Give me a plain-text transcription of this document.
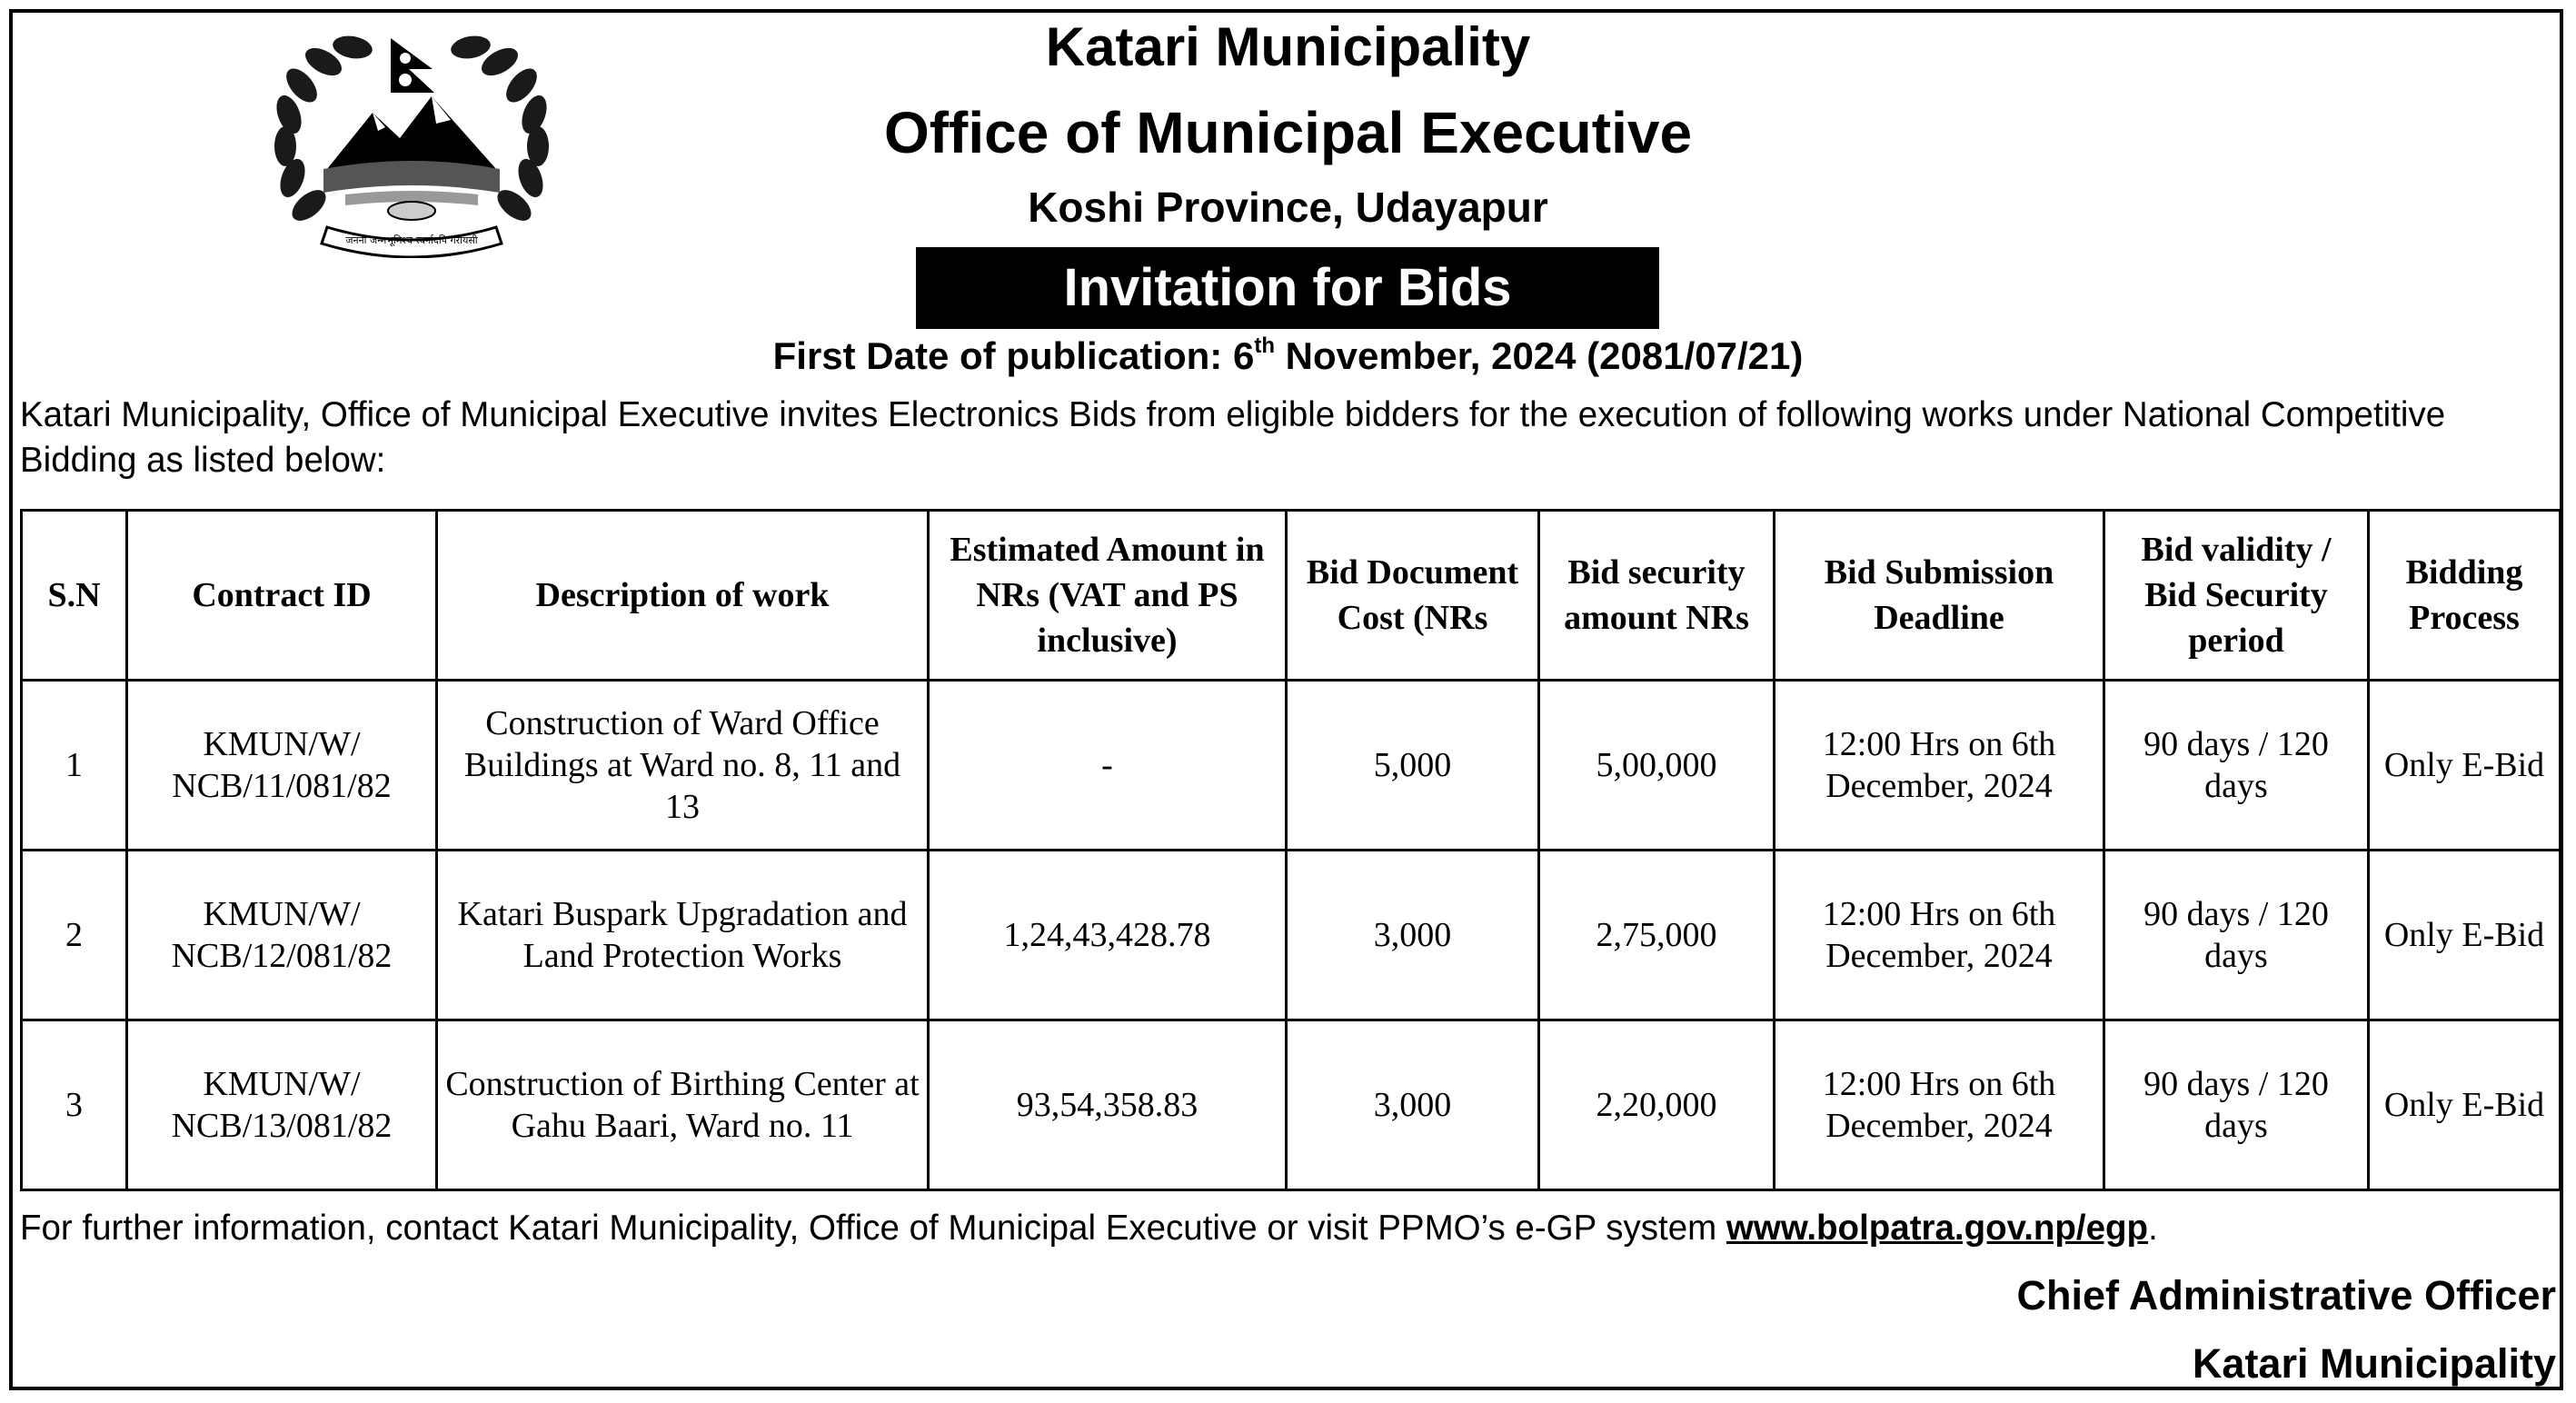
जननी जन्मभूमिश्च स्वर्गादपि गरीयसी
Katari Municipality
Office of Municipal Executive
Koshi Province, Udayapur
Invitation for Bids
First Date of publication: 6th November, 2024 (2081/07/21)
Katari Municipality, Office of Municipal Executive invites Electronics Bids from eligible bidders for the execution of following works under National Competitive Bidding as listed below:
S.N	Contract ID	Description of work	Estimated Amount in NRs (VAT and PS inclusive)	Bid Document Cost (NRs	Bid security amount NRs	Bid Submission Deadline	Bid validity / Bid Security period	Bidding Process
1	KMUN/W/ NCB/11/081/82	Construction of Ward Office Buildings at Ward no. 8, 11 and 13	-	5,000	5,00,000	12:00 Hrs on 6th December, 2024	90 days / 120 days	Only E-Bid
2	KMUN/W/ NCB/12/081/82	Katari Buspark Upgradation and Land Protection Works	1,24,43,428.78	3,000	2,75,000	12:00 Hrs on 6th December, 2024	90 days / 120 days	Only E-Bid
3	KMUN/W/ NCB/13/081/82	Construction of Birthing Center at Gahu Baari, Ward no. 11	93,54,358.83	3,000	2,20,000	12:00 Hrs on 6th December, 2024	90 days / 120 days	Only E-Bid
For further information, contact Katari Municipality, Office of Municipal Executive or visit PPMO’s e-GP system www.bolpatra.gov.np/egp.
Chief Administrative Officer
Katari Municipality
